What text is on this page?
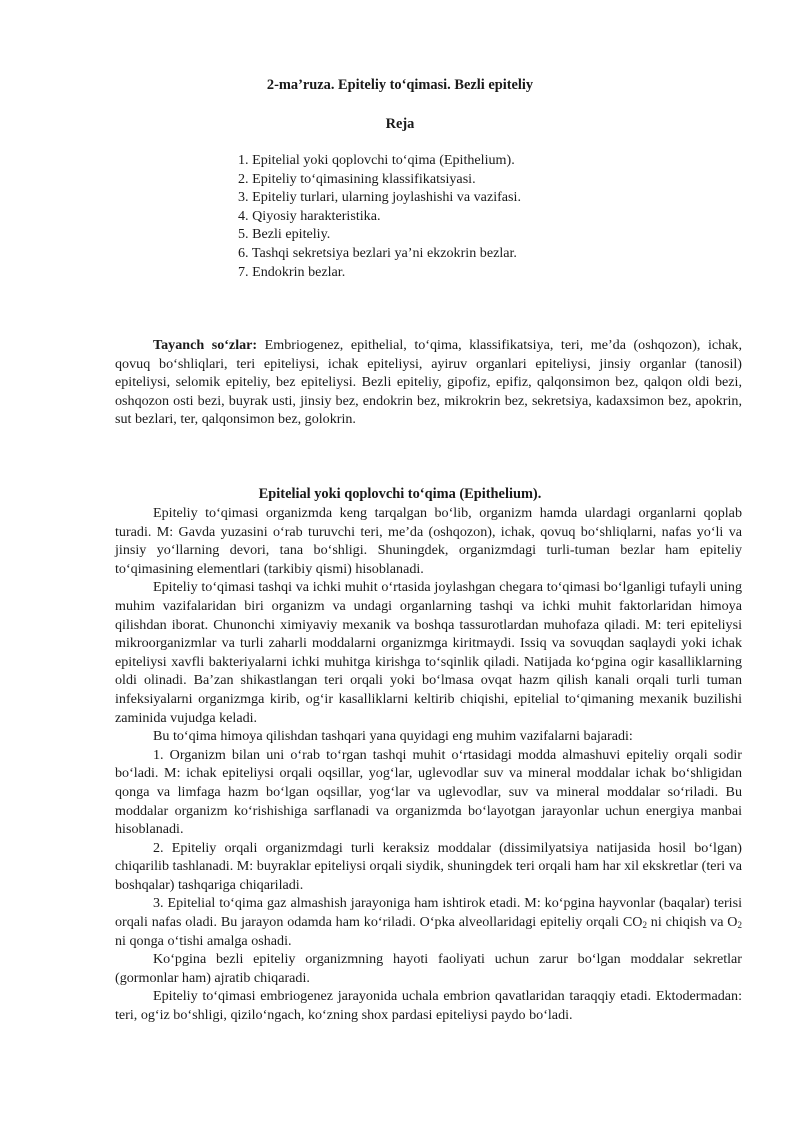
2-ma’ruza. Epiteliy to‘qimasi. Bezli epiteliy
Reja
1. Epitelial yoki qoplovchi to‘qima (Epithelium).
2. Epiteliy to‘qimasining klassifikatsiyasi.
3. Epiteliy turlari, ularning joylashishi va vazifasi.
4. Qiyosiy harakteristika.
5. Bezli epiteliy.
6. Tashqi sekretsiya bezlari ya’ni ekzokrin bezlar.
7. Endokrin bezlar.

Tayanch so‘zlar: Embriogenez, epithelial, to‘qima, klassifikatsiya, teri, me’da (oshqozon), ichak, qovuq bo‘shliqlari, teri epiteliysi, ichak epiteliysi, ayiruv organlari epiteliysi, jinsiy organlar (tanosil) epiteliysi, selomik epiteliy, bez epiteliysi. Bezli epiteliy, gipofiz, epifiz, qalqonsimon bez, qalqon oldi bezi, oshqozon osti bezi, buyrak usti, jinsiy bez, endokrin bez, mikrokrin bez, sekretsiya, kadaxsimon bez, apokrin, sut bezlari, ter, qalqonsimon bez, golokrin.

Epitelial yoki qoplovchi to‘qima (Epithelium).

Epiteliy to‘qimasi organizmda keng tarqalgan bo‘lib, organizm hamda ulardagi organlarni qoplab turadi. M: Gavda yuzasini o‘rab turuvchi teri, me’da (oshqozon), ichak, qovuq bo‘shliqlarni, nafas yo‘li va jinsiy yo‘llarning devori, tana bo‘shligi. Shuningdek, organizmdagi turli-tuman bezlar ham epiteliy to‘qimasining elementlari (tarkibiy qismi) hisoblanadi.

Epiteliy to‘qimasi tashqi va ichki muhit o‘rtasida joylashgan chegara to‘qimasi bo‘lganligi tufayli uning muhim vazifalaridan biri organizm va undagi organlarning tashqi va ichki muhit faktorlaridan himoya qilishdan iborat. Chunonchi ximiyaviy mexanik va boshqa tassurotlardan muhofaza qiladi. M: teri epiteliysi mikroorganizmlar va turli zaharli moddalarni organizmga kiritmaydi. Issiq va sovuqdan saqlaydi yoki ichak epiteliysi xavfli bakteriyalarni ichki muhitga kirishga to‘sqinlik qiladi. Natijada ko‘pgina ogir kasalliklarning oldi olinadi. Ba’zan shikastlangan teri orqali yoki bo‘lmasa ovqat hazm qilish kanali orqali turli tuman infeksiyalarni organizmga kirib, og‘ir kasalliklarni keltirib chiqishi, epitelial to‘qimaning mexanik buzilishi zaminida vujudga keladi.

Bu to‘qima himoya qilishdan tashqari yana quyidagi eng muhim vazifalarni bajaradi:

1. Organizm bilan uni o‘rab to‘rgan tashqi muhit o‘rtasidagi modda almashuvi epiteliy orqali sodir bo‘ladi. M: ichak epiteliysi orqali oqsillar, yog‘lar, uglevodlar suv va mineral moddalar ichak bo‘shligidan qonga va limfaga hazm bo‘lgan oqsillar, yog‘lar va uglevodlar, suv va mineral moddalar so‘riladi. Bu moddalar organizm ko‘rishishiga sarflanadi va organizmda bo‘layotgan jarayonlar uchun energiya manbai hisoblanadi.

2. Epiteliy orqali organizmdagi turli keraksiz moddalar (dissimilyatsiya natijasida hosil bo‘lgan) chiqarilib tashlanadi. M: buyraklar epiteliysi orqali siydik, shuningdek teri orqali ham har xil ekskretlar (teri va boshqalar) tashqariga chiqariladi.

3. Epitelial to‘qima gaz almashish jarayoniga ham ishtirok etadi. M: ko‘pgina hayvonlar (baqalar) terisi orqali nafas oladi. Bu jarayon odamda ham ko‘riladi. O‘pka alveollaridagi epiteliy orqali $CO_2$ ni chiqish va $O_2$ ni qonga o‘tishi amalga oshadi.

Ko‘pgina bezli epiteliy organizmning hayoti faoliyati uchun zarur bo‘lgan moddalar sekretlar (gormonlar ham) ajratib chiqaradi.

Epiteliy to‘qimasi embriogenez jarayonida uchala embrion qavatlaridan taraqqiy etadi. Ektodermadan: teri, og‘iz bo‘shligi, qizilo‘ngach, ko‘zning shox pardasi epiteliysi paydo bo‘ladi.
